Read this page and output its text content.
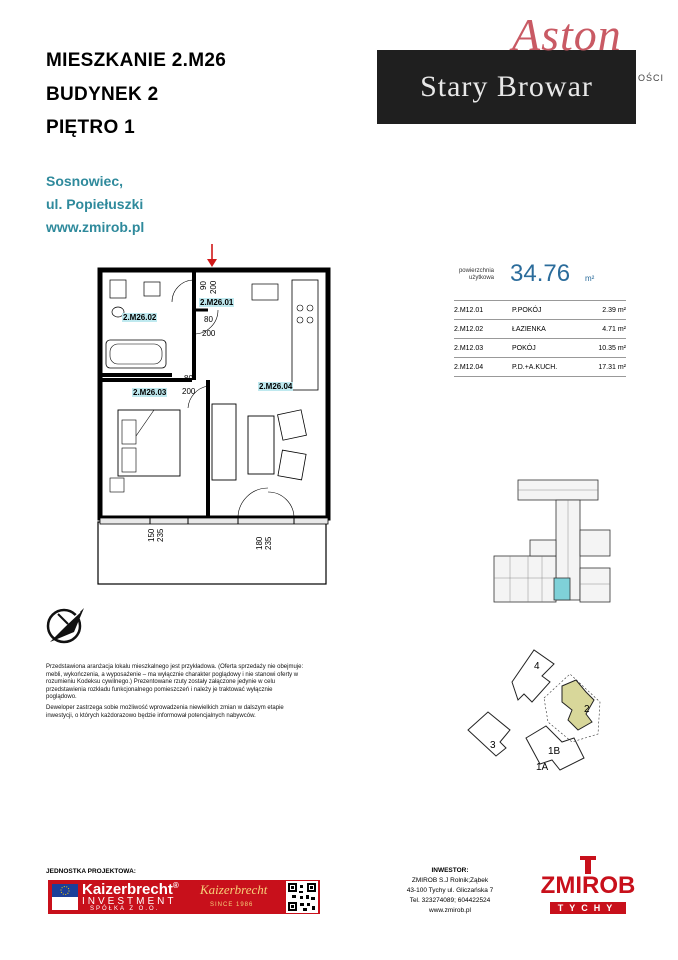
MIESZKANIE 2.M26
BUDYNEK 2
PIĘTRO 1
Sosnowiec,
ul. Popiełuszki
www.zmirob.pl
Stary Browar
Aston
OŚCI
powierzchnia
użytkowa 34.76 m²
2.M12.01	P.POKÓJ	2.39 m²
2.M12.02	ŁAZIENKA	4.71 m²
2.M12.03	POKÓJ	10.35 m²
2.M12.04	P.D.+A.KUCH.	17.31 m²
90 200
80
200
80
200
150 235
180 235
2.M26.01
2.M26.02
2.M26.03
2.M26.04
4
2
3
1B
1A
Przedstawiona aranżacja lokalu mieszkalnego jest przykładowa. (Oferta sprzedaży nie obejmuje: mebli, wykończenia, a wyposażenie – ma wyłącznie charakter poglądowy i nie stanowi oferty w rozumieniu Kodeksu cywilnego.) Prezentowane rzuty zostały załączone jedynie w celu przedstawienia rozkładu funkcjonalnego pomieszczeń i należy je traktować wyłącznie poglądowo.
Deweloper zastrzega sobie możliwość wprowadzenia niewielkich zmian w dalszym etapie inwestycji, o których każdorazowo będzie informował potencjalnych nabywców.
JEDNOSTKA PROJEKTOWA:
Kaizerbrecht®
INVESTMENT
SPÓŁKA Z O.O.
Kaizerbrecht
SINCE 1986
INWESTOR:
ZMIROB S.J Rolnik;Ząbek
43-100 Tychy ul. Gliczańska 7
Tel. 323274089; 604422524
www.zmirob.pl
ZMIROB
TYCHY
